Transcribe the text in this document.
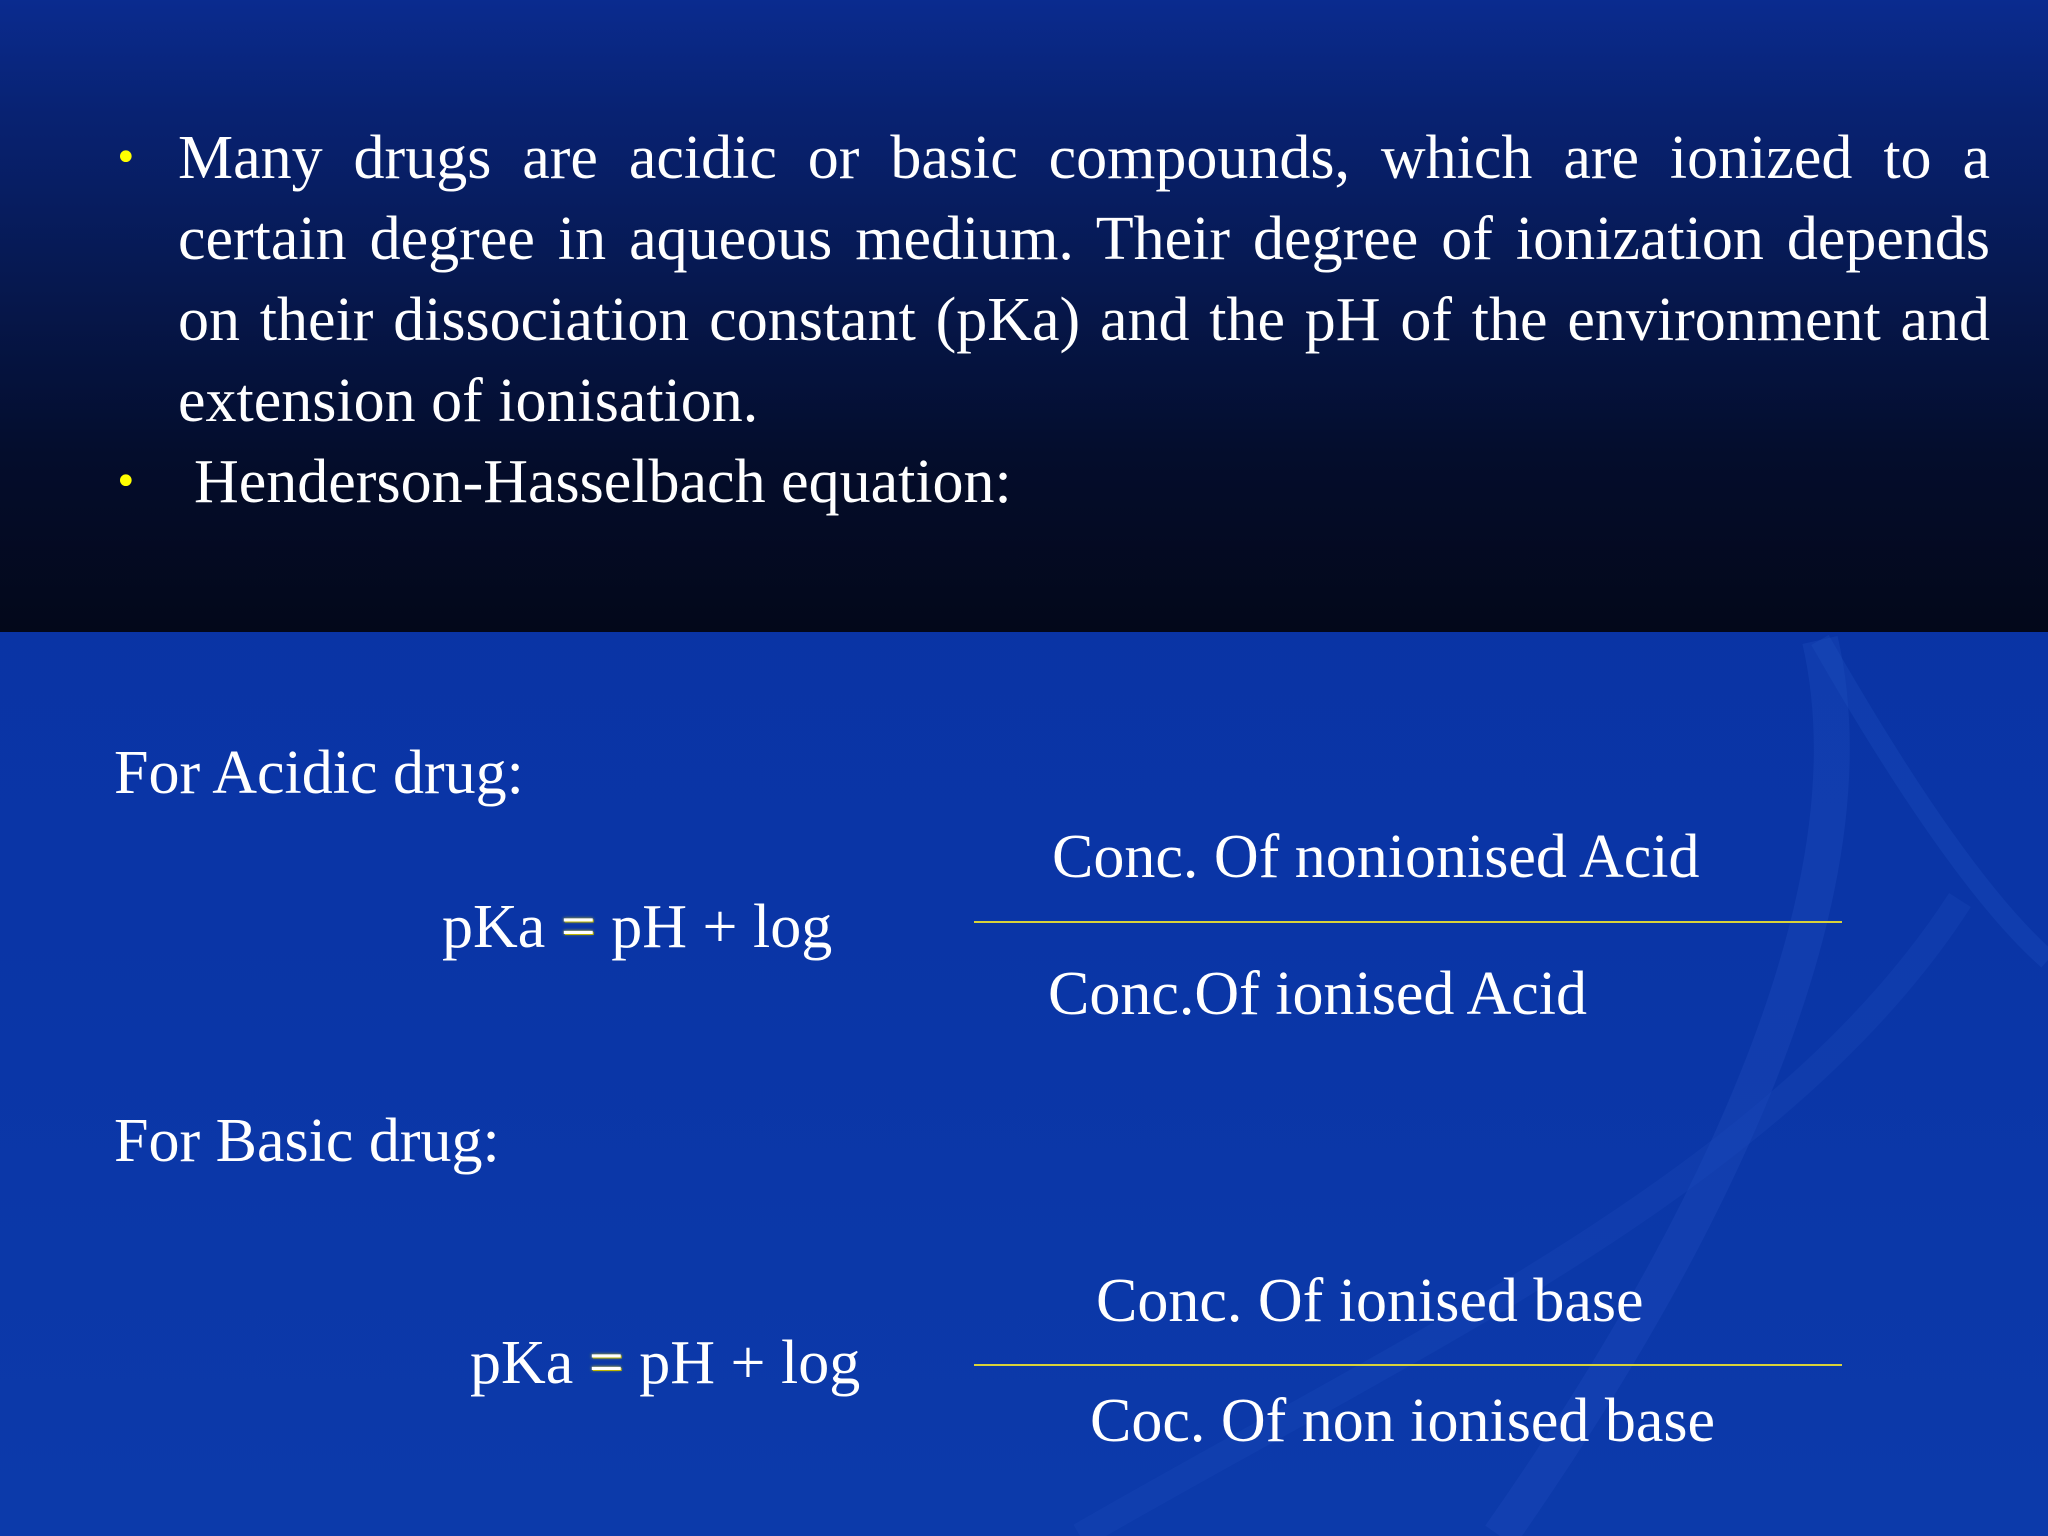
• Many drugs are acidic or basic compounds, which are ionized to a certain degree in aqueous medium. Their degree of ionization depends on their dissociation constant (pKa) and the pH of the environment and extension of ionisation.
• Henderson-Hasselbach equation:
For Acidic drug:
pKa = pH + log
Conc. Of nonionised Acid
Conc.Of ionised Acid
For Basic drug:
pKa = pH + log
Conc. Of ionised base
Coc. Of non ionised base
